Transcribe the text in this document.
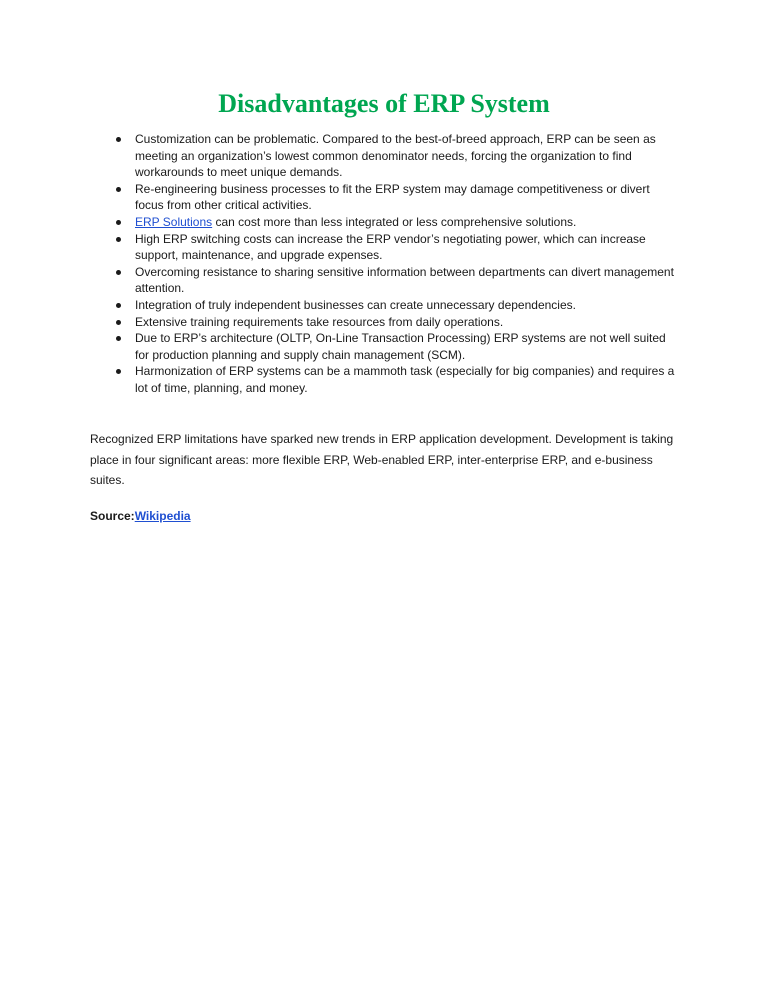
Disadvantages of ERP System
Customization can be problematic. Compared to the best-of-breed approach, ERP can be seen as meeting an organization’s lowest common denominator needs, forcing the organization to find workarounds to meet unique demands.
Re-engineering business processes to fit the ERP system may damage competitiveness or divert focus from other critical activities.
ERP Solutions can cost more than less integrated or less comprehensive solutions.
High ERP switching costs can increase the ERP vendor’s negotiating power, which can increase support, maintenance, and upgrade expenses.
Overcoming resistance to sharing sensitive information between departments can divert management attention.
Integration of truly independent businesses can create unnecessary dependencies.
Extensive training requirements take resources from daily operations.
Due to ERP’s architecture (OLTP, On-Line Transaction Processing) ERP systems are not well suited for production planning and supply chain management (SCM).
Harmonization of ERP systems can be a mammoth task (especially for big companies) and requires a lot of time, planning, and money.

Recognized ERP limitations have sparked new trends in ERP application development. Development is taking place in four significant areas: more flexible ERP, Web-enabled ERP, inter-enterprise ERP, and e-business suites.

Source:Wikipedia
